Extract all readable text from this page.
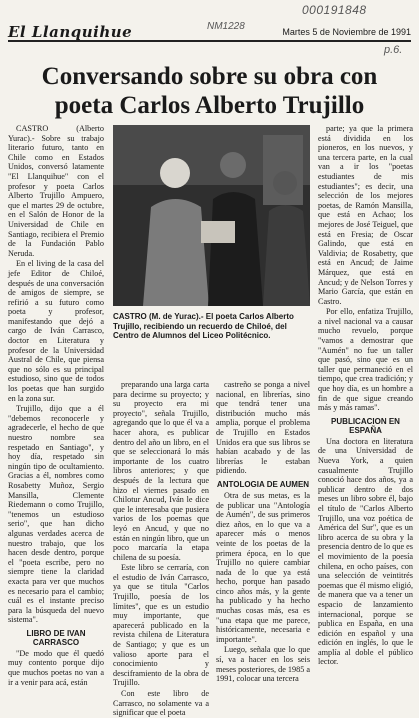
000191848
NM1228
p.6.
El Llanquihue	Martes 5 de Noviembre de 1991
Conversando sobre su obra con poeta Carlos Alberto Trujillo

CASTRO (Alberto Yurac).- Sobre su trabajo literario futuro, tanto en Chile como en Estados Unidos, conversó latamente "El Llanquihue" con el profesor y poeta Carlos Alberto Trujillo Ampuero, que el martes 29 de octubre, en el Salón de Honor de la Universidad de Chile en Santiago, recibiera el Premio de la Fundación Pablo Neruda.

En el living de la casa del jefe Editor de Chiloé, después de una conversación de amigos de siempre, se refirió a su futuro como poeta y profesor, manifestando que dejó a cargo de Iván Carrasco, doctor en Literatura y profesor de la Universidad Austral de Chile, que piensa que no sólo es su principal estudioso, sino que de todos los poetas que han surgido en la zona sur.

Trujillo, dijo que a él "debemos reconocerle y agradecerle, el hecho de que nuestro nombre sea respetado en Santiago", y hoy día, respetado sin ningún tipo de ocultamiento. Gracias a él, nombres como Rosabetty Muñoz, Sergio Mansilla, Clemente Riedemann o como Trujillo, "tenemos un estudioso serio", que han dicho algunas verdades acerca de nuestro trabajo, que los hacen desde dentro, porque el "poeta escribe, pero no siempre tiene la claridad exacta para ver que muchos es necesario para el cambio; cuál es el instante preciso para la búsqueda del nuevo sistema".

LIBRO DE IVAN CARRASCO

"De modo que él quedó muy contento porque dijo que muchos poetas no van a ir a venir para acá, están

CASTRO (M. de Yurac).- El poeta Carlos Alberto Trujillo, recibiendo un recuerdo de Chiloé, del Centro de Alumnos del Liceo Politécnico.

preparando una larga carta para decirme su proyecto; y su proyecto era mi proyecto", señala Trujillo, agregando que lo que él va a hacer ahora, es publicar dentro del año un libro, en el que se seleccionará lo más importante de los cuatro libros anteriores; y que después de la lectura que hizo el viernes pasado en Chilotur Ancud, Iván le dice que le interesaba que pusiera varios de los poemas que leyó en Ancud, y que no están en ningún libro, que un poco marcaría la etapa chilena de su poesía.

Este libro se cerraría, con el estudio de Iván Carrasco, ya que se titula "Carlos Trujillo, poesía de los límites", que es un estudio muy importante, que aparecerá publicado en la revista chilena de Literatura de Santiago; y que es un valioso aporte para el conocimiento y desciframiento de la obra de Trujillo.

Con este libro de Carrasco, no solamente va a significar que el poeta

castreño se ponga a nivel nacional, en librerías, sino que tendrá tener una distribución mucho más amplia, porque el problema de Trujillo en Estados Unidos era que sus libros se habían acabado y de las librerías le estaban pidiendo.

ANTOLOGIA DE AUMEN

Otra de sus metas, es la de publicar una "Antología de Aumén", de sus primeros diez años, en lo que va a aparecer más o menos veinte de los poetas de la primera época, en lo que Trujillo no quiere cambiar nada de lo que ya está hecho, porque han pasado cinco años más, y la gente ha publicado y ha hecho muchas cosas más, esa es "una etapa que me parece, históricamente, necesaria e importante".

Luego, señala que lo que sí, va a hacer en los seis meses posteriores, de 1985 a 1991, colocar una tercera

parte; ya que la primera está dividida en los pioneros, en los nuevos, y una tercera parte, en la cual van a ir los "poetas estudiantes de mis estudiantes"; es decir, una selección de los mejores poetas, de Ramón Mansilla, que está en Achao; los mejores de José Teiguel, que está en Fresia; de Oscar Galindo, que está en Valdivia; de Rosabetty, que está en Ancud; de Jaime Márquez, que está en Ancud; y de Nelson Torres y Mario García, que están en Castro.

Por ello, enfatiza Trujillo, a nivel nacional va a causar mucho revuelo, porque "vamos a demostrar que "Aumén" no fue un taller que pasó, sino que es un taller que permaneció en el tiempo, que crea tradición; y que hoy día, es un hombre a fin de que sigue creando más y más ramas".

PUBLICACION EN ESPAÑA

Una doctora en literatura de una Universidad de Nueva York, a quien casualmente Trujillo conoció hace dos años, ya a publicar dentro de dos meses un libro sobre él, bajo el título de "Carlos Alberto Trujillo, una voz poética de América del Sur", que es un libro acerca de su obra y la presencia dentro de lo que es el movimiento de la poesía chilena, en ocho países, con una selección de veintitrés poemas que él mismo eligió, de manera que va a tener un espacio de lanzamiento internacional, porque se publica en España, en una edición en español y una edición en inglés, lo que le amplía al doble el público lector.
